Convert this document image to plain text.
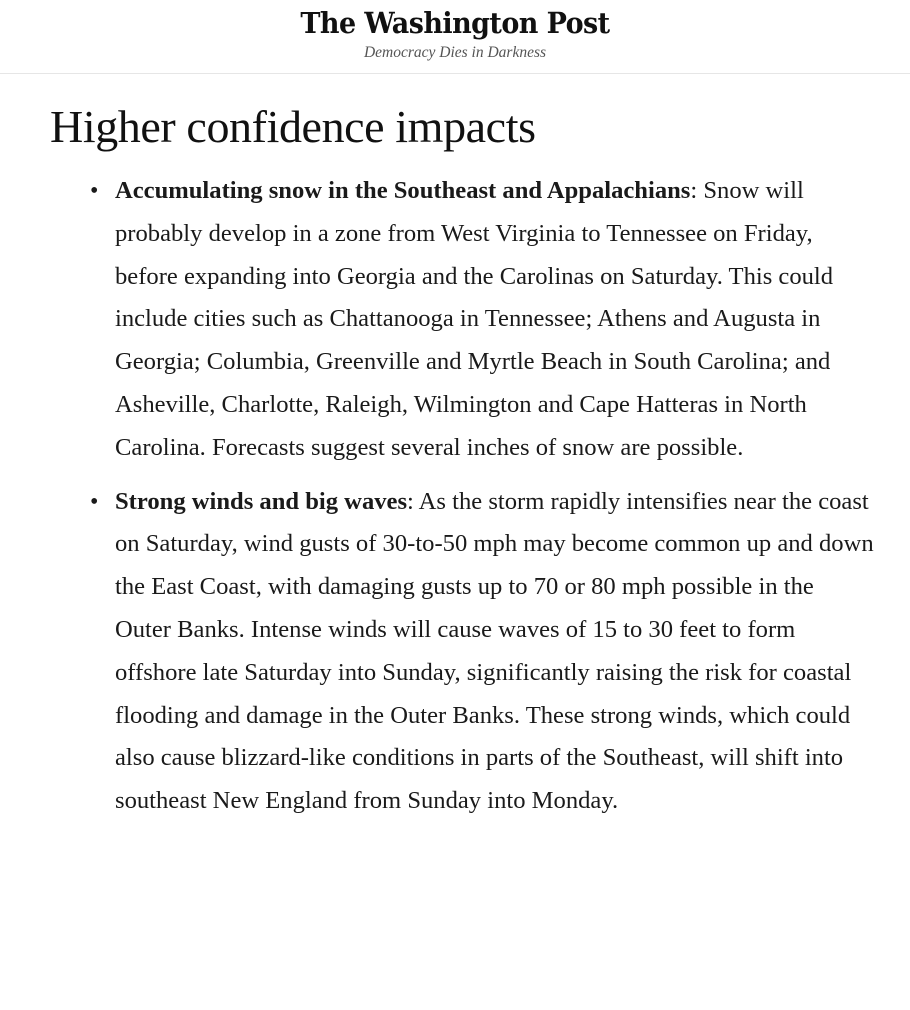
The Washington Post
Democracy Dies in Darkness
Higher confidence impacts
• Accumulating snow in the Southeast and Appalachians: Snow will probably develop in a zone from West Virginia to Tennessee on Friday, before expanding into Georgia and the Carolinas on Saturday. This could include cities such as Chattanooga in Tennessee; Athens and Augusta in Georgia; Columbia, Greenville and Myrtle Beach in South Carolina; and Asheville, Charlotte, Raleigh, Wilmington and Cape Hatteras in North Carolina. Forecasts suggest several inches of snow are possible.
• Strong winds and big waves: As the storm rapidly intensifies near the coast on Saturday, wind gusts of 30-to-50 mph may become common up and down the East Coast, with damaging gusts up to 70 or 80 mph possible in the Outer Banks. Intense winds will cause waves of 15 to 30 feet to form offshore late Saturday into Sunday, significantly raising the risk for coastal flooding and damage in the Outer Banks. These strong winds, which could also cause blizzard-like conditions in parts of the Southeast, will shift into southeast New England from Sunday into Monday.
